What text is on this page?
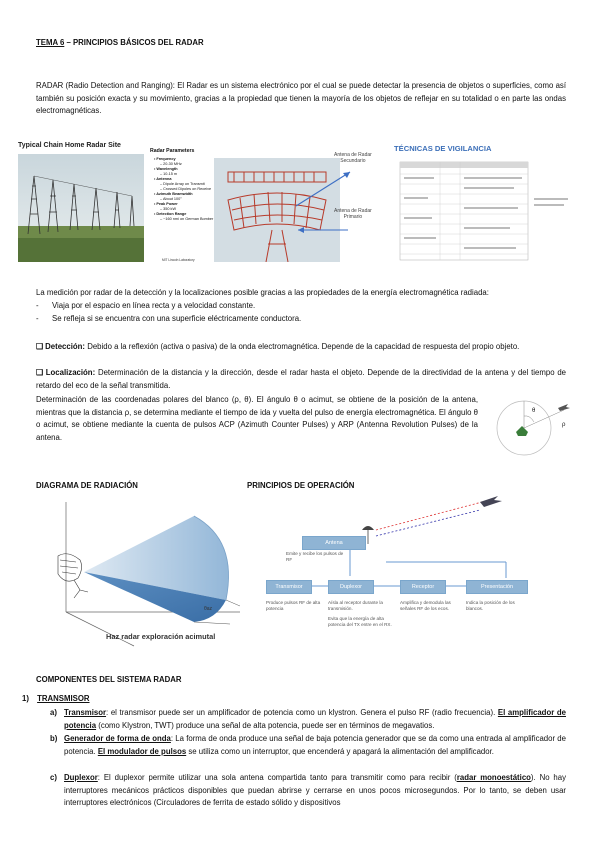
TEMA 6 – PRINCIPIOS BÁSICOS DEL RADAR
RADAR (Radio Detection and Ranging): El Radar es un sistema electrónico por el cual se puede detectar la presencia de objetos o superficies, como así también su posición exacta y su movimiento, gracias a la propiedad que tienen la mayoría de los objetos de reflejar en su totalidad o en parte las ondas electromagnéticas.
Typical Chain Home Radar Site
Radar Parameters
• Frequency
– 20-30 MHz
• Wavelength
– 10-15 m
• Antenna
– Dipole Array on Transmit
– Crossed Dipoles on Receive
• Azimuth Beamwidth
– About 100°
• Peak Power
– 350 kW
• Detection Range
– ~160 nmi on German Bomber
MIT Lincoln Laboratory
Antena de Radar
Secundario
Antena de Radar
Primario
TÉCNICAS DE VIGILANCIA
La medición por radar de la detección y la localizaciones posible gracias a las propiedades de la energía electromagnética radiada:
- Viaja por el espacio en línea recta y a velocidad constante.
- Se refleja si se encuentra con una superficie eléctricamente conductora.
❑ Detección: Debido a la reflexión (activa o pasiva) de la onda electromagnética. Depende de la capacidad de respuesta del propio objeto.
❑ Localización: Determinación de la distancia y la dirección, desde el radar hasta el objeto. Depende de la directividad de la antena y del tiempo de retardo del eco de la señal transmitida.
Determinación de las coordenadas polares del blanco (ρ, θ). El ángulo θ o acimut, se obtiene de la posición de la antena, mientras que la distancia ρ, se determina mediante el tiempo de ida y vuelta del pulso de energía electromagnética. El ángulo θ o acimut, se obtiene mediante la cuenta de pulsos ACP (Azimuth Counter Pulses) y ARP (Antenna Revolution Pulses) de la antena.
θ
ρ
DIAGRAMA DE RADIACIÓN	PRINCIPIOS DE OPERACIÓN
θaz
Haz radar exploración acimutal
Antena
Emite y recibe los pulsos de RF
Transmisor	Duplexor	Receptor	Presentación
Produce pulsos RF de alta potencia
Aísla al receptor durante la transmisión.
Evita que la energía de alta potencia del TX entre en el RX.
Amplifica y demodula las señales RF de los ecos.
Indica la posición de los blancos.
COMPONENTES DEL SISTEMA RADAR
1) TRANSMISOR
a) Transmisor: el transmisor puede ser un amplificador de potencia como un klystron. Genera el pulso RF (radio frecuencia). El amplificador de potencia (como Klystron, TWT) produce una señal de alta potencia, puede ser en términos de megavatios.
b) Generador de forma de onda: La forma de onda produce una señal de baja potencia generador que se da como una entrada al amplificador de potencia. El modulador de pulsos se utiliza como un interruptor, que encenderá y apagará la alimentación del amplificador.
c) Duplexor: El duplexor permite utilizar una sola antena compartida tanto para transmitir como para recibir (radar monoestático). No hay interruptores mecánicos prácticos disponibles que puedan abrirse y cerrarse en unos pocos microsegundos. Por lo tanto, se deben usar interruptores electrónicos (Circuladores de ferrita de estado sólido y dispositivos
